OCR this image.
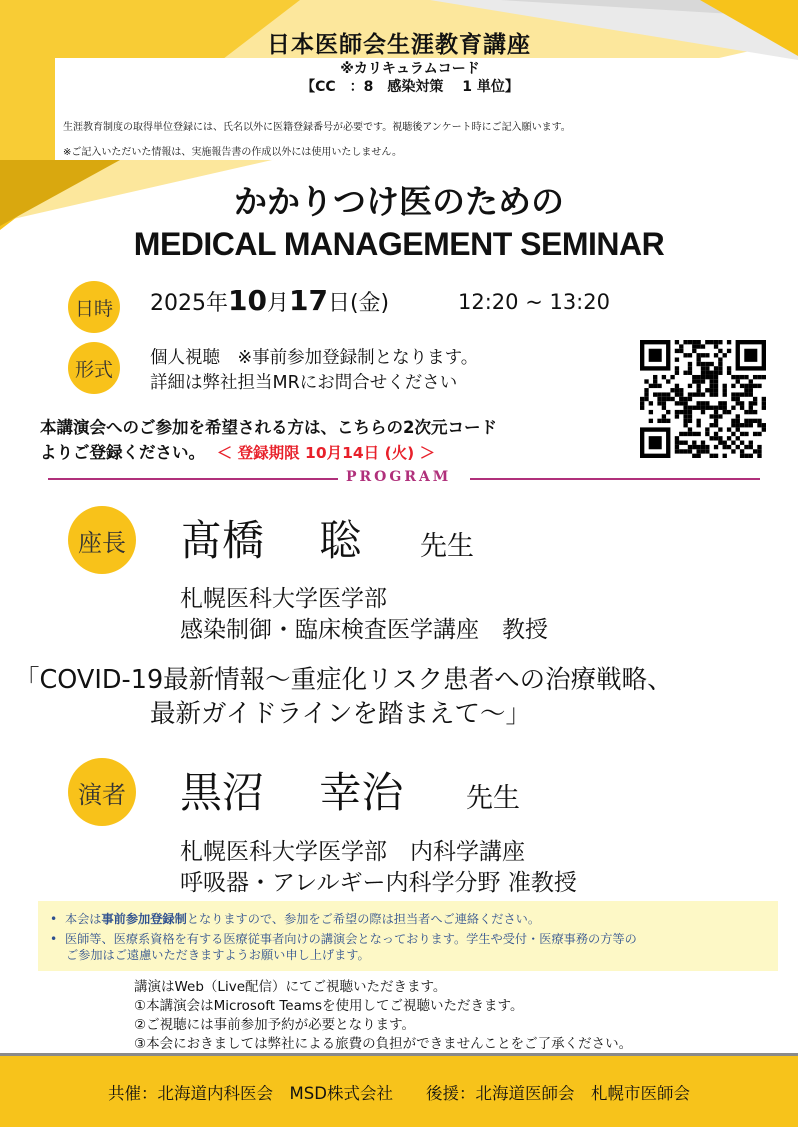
日本医師会生涯教育講座
※カリキュラムコード
【CC　：8　感染対策　 1 単位】
生涯教育制度の取得単位登録には、氏名以外に医籍登録番号が必要です。視聴後アンケート時にご記入願います。
※ご記入いただいた情報は、実施報告書の作成以外には使用いたしません。
かかりつけ医のための
MEDICAL MANAGEMENT SEMINAR
日時	2025年10月17日(金)	12:20 ~ 13:20
形式
個人視聴　※事前参加登録制となります。
詳細は弊社担当MRにお問合せください
本講演会へのご参加を希望される方は、こちらの2次元コード
よりご登録ください。 ＜ 登録期限 10月14日 (火) ＞
PROGRAM
座長 髙橋　 聡 先生
札幌医科大学医学部
感染制御・臨床検査医学講座　教授
「COVID-19最新情報～重症化リスク患者への治療戦略、
最新ガイドラインを踏まえて～」
演者 黒沼　 幸治 先生
札幌医科大学医学部　内科学講座
呼吸器・アレルギー内科学分野 准教授
•  本会は事前参加登録制となりますので、参加をご希望の際は担当者へご連絡ください。
•  医師等、医療系資格を有する医療従事者向けの講演会となっております。学生や受付・医療事務の方等の
ご参加はご遠慮いただきますようお願い申し上げます。
講演はWeb（Live配信）にてご視聴いただきます。
①本講演会はMicrosoft Teamsを使用してご視聴いただきます。
②ご視聴には事前参加予約が必要となります。
③本会におきましては弊社による旅費の負担ができませんことをご了承ください。
共催：北海道内科医会　MSD株式会社　　後援：北海道医師会　札幌市医師会
